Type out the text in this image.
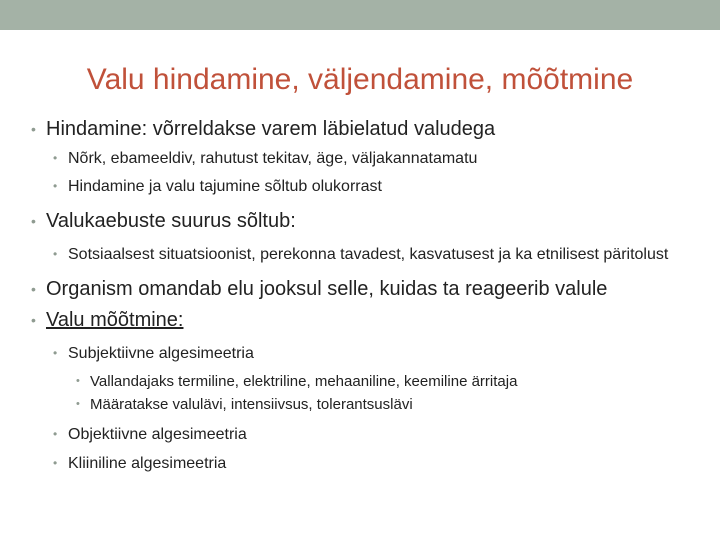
Valu hindamine, väljendamine, mõõtmine

• Hindamine: võrreldakse varem läbielatud valudega

• Nõrk, ebameeldiv, rahutust tekitav, äge, väljakannatamatu

• Hindamine ja valu tajumine sõltub olukorrast

• Valukaebuste suurus sõltub:

• Sotsiaalsest situatsioonist, perekonna tavadest, kasvatusest ja ka etnilisest päritolust

• Organism omandab elu jooksul selle, kuidas ta reageerib valule

• Valu mõõtmine:

• Subjektiivne algesimeetria

• Vallandajaks termiline, elektriline, mehaaniline, keemiline ärritaja

• Määratakse valulävi, intensiivsus, tolerantsuslävi

• Objektiivne algesimeetria

• Kliiniline algesimeetria
